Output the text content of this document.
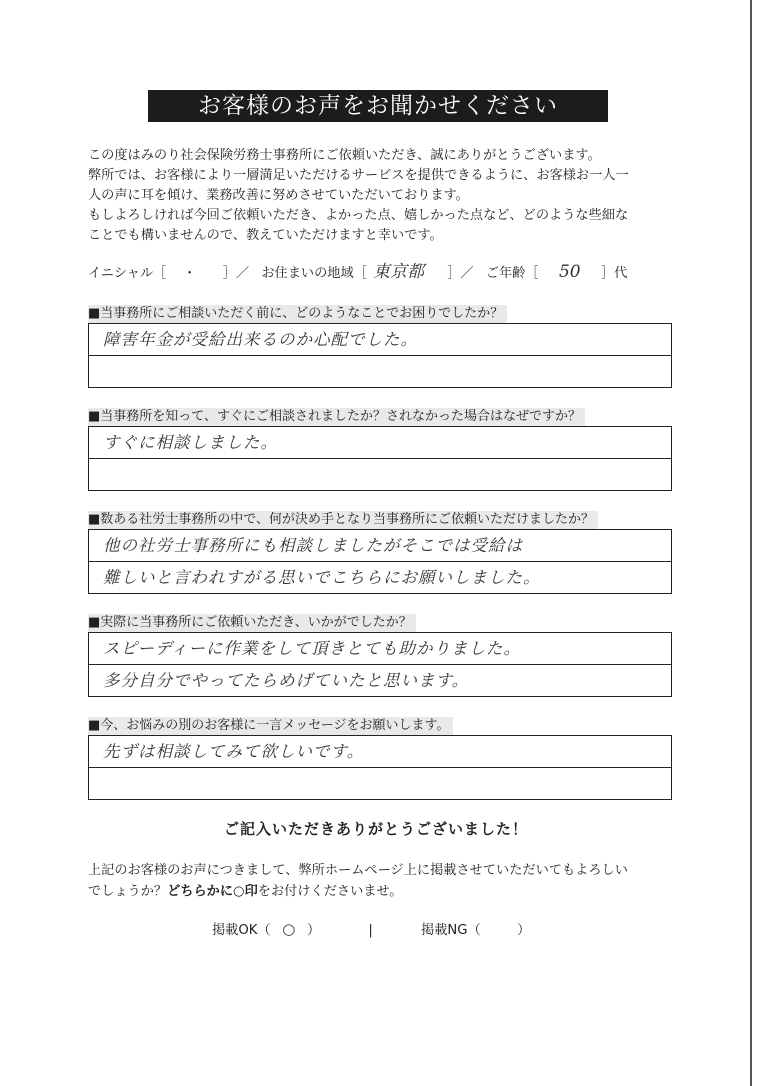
お客様のお声をお聞かせください
この度はみのり社会保険労務士事務所にご依頼いただき、誠にありがとうございます。
弊所では、お客様により一層満足いただけるサービスを提供できるように、お客様お一人一
人の声に耳を傾け、業務改善に努めさせていただいております。
もしよろしければ今回ご依頼いただき、よかった点、嬉しかった点など、どのような些細な
ことでも構いませんので、教えていただけますと幸いです。
イニシャル［ ・ ］／ お住まいの地域［ 東京都 ］／ ご年齢［ 50 ］代
■当事務所にご相談いただく前に、どのようなことでお困りでしたか？
障害年金が受給出来るのか心配でした。
■当事務所を知って、すぐにご相談されましたか？されなかった場合はなぜですか？
すぐに相談しました。
■数ある社労士事務所の中で、何が決め手となり当事務所にご依頼いただけましたか？
他の社労士事務所にも相談しましたがそこでは受給は
難しいと言われすがる思いでこちらにお願いしました。
■実際に当事務所にご依頼いただき、いかがでしたか？
スピーディーに作業をして頂きとても助かりました。
多分自分でやってたらめげていたと思います。
■今、お悩みの別のお客様に一言メッセージをお願いします。
先ずは相談してみて欲しいです。
ご記入いただきありがとうございました！
上記のお客様のお声につきまして、弊所ホームページ上に掲載させていただいてもよろしい
でしょうか？どちらかに○印をお付けくださいませ。
掲載OK（ ○ ）	|	掲載NG（	）
